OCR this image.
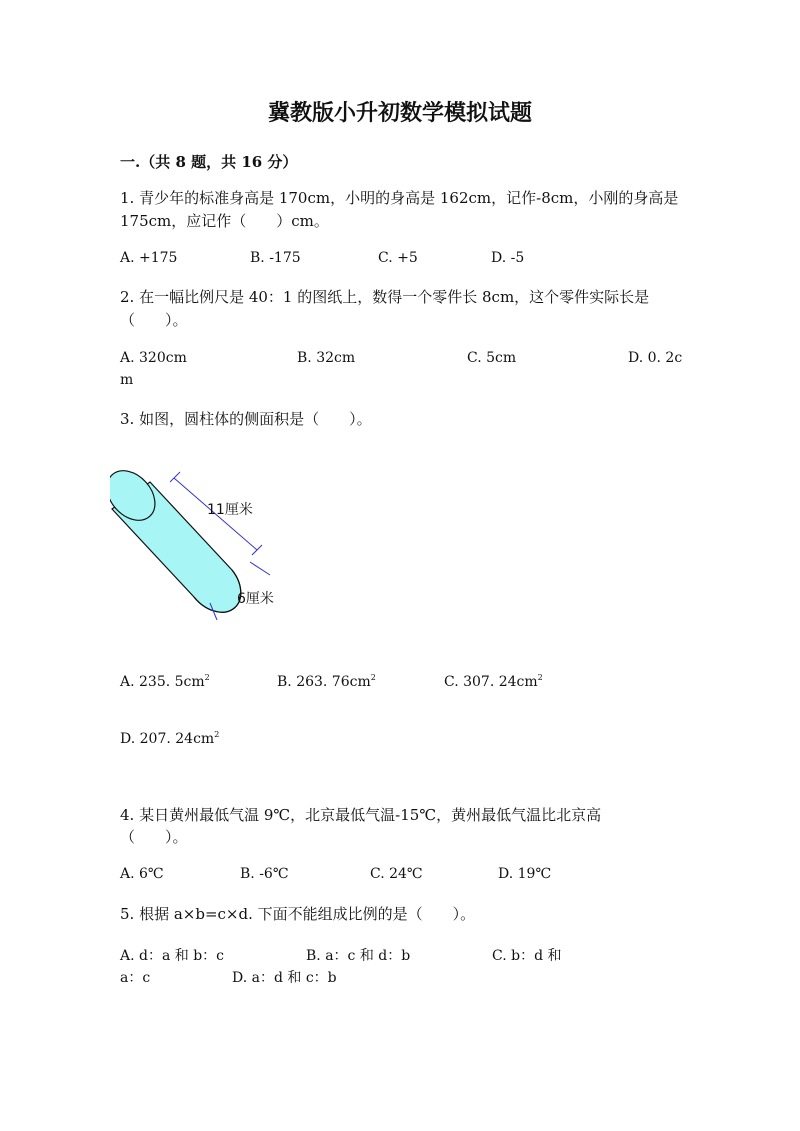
冀教版小升初数学模拟试题
一.（共 8 题，共 16 分）
1. 青少年的标准身高是 170cm，小明的身高是 162cm，记作-8cm，小刚的身高是
175cm，应记作（　　）cm。
A. +175	B. -175	C. +5	D. -5
2. 在一幅比例尺是 40：1 的图纸上，数得一个零件长 8cm，这个零件实际长是
（　　）。
A. 320cm	B. 32cm	C. 5cm	D. 0. 2c
m
3. 如图，圆柱体的侧面积是（　　）。
11厘米
6厘米
A. 235. $5cm^2$	B. 263. $76cm^2$	C. 307. $24cm^2$
D. 207. $24cm^2$
4. 某日黄州最低气温 9℃，北京最低气温-15℃，黄州最低气温比北京高
（　　）。
A. 6℃	B. -6℃	C. 24℃	D. 19℃
5. 根据 a×b=c×d. 下面不能组成比例的是（　　）。
A. d：a 和 b：c	B. a：c 和 d：b	C. b：d 和
a：c	D. a：d 和 c：b
